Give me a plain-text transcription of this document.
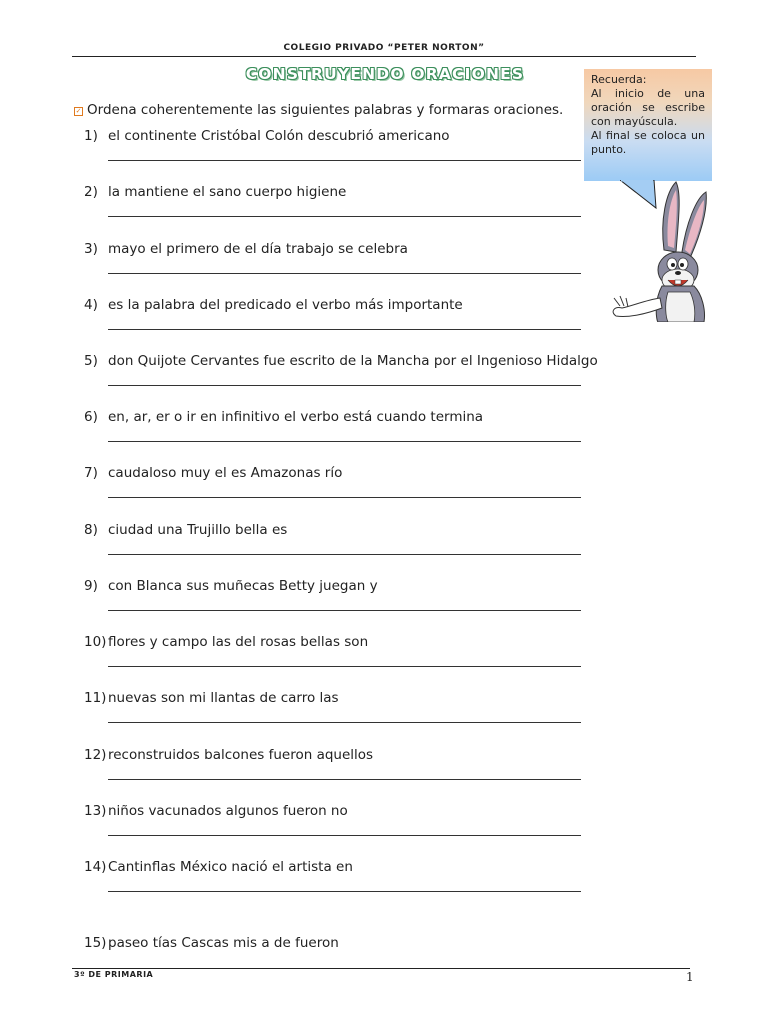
COLEGIO PRIVADO “PETER NORTON”
CONSTRUYENDO ORACIONES
✓ Ordena coherentemente las siguientes palabras y formaras oraciones.
Recuerda:
Al inicio de una oración se escribe con mayúscula.
Al final se coloca un punto.
1) el continente Cristóbal Colón descubrió americano
2) la mantiene el sano cuerpo higiene
3) mayo el primero de el día trabajo se celebra
4) es la palabra del predicado el verbo más importante
5) don Quijote Cervantes fue escrito de la Mancha por el Ingenioso Hidalgo
6) en, ar, er o ir en infinitivo el verbo está cuando termina
7) caudaloso muy el es Amazonas río
8) ciudad una Trujillo bella es
9) con Blanca sus muñecas Betty juegan y
10) flores y campo las del rosas bellas son
11) nuevas son mi llantas de carro las
12) reconstruidos balcones fueron aquellos
13) niños vacunados algunos fueron no
14) Cantinflas México nació el artista en
15) paseo tías Cascas mis a de fueron
3º DE PRIMARIA	1
